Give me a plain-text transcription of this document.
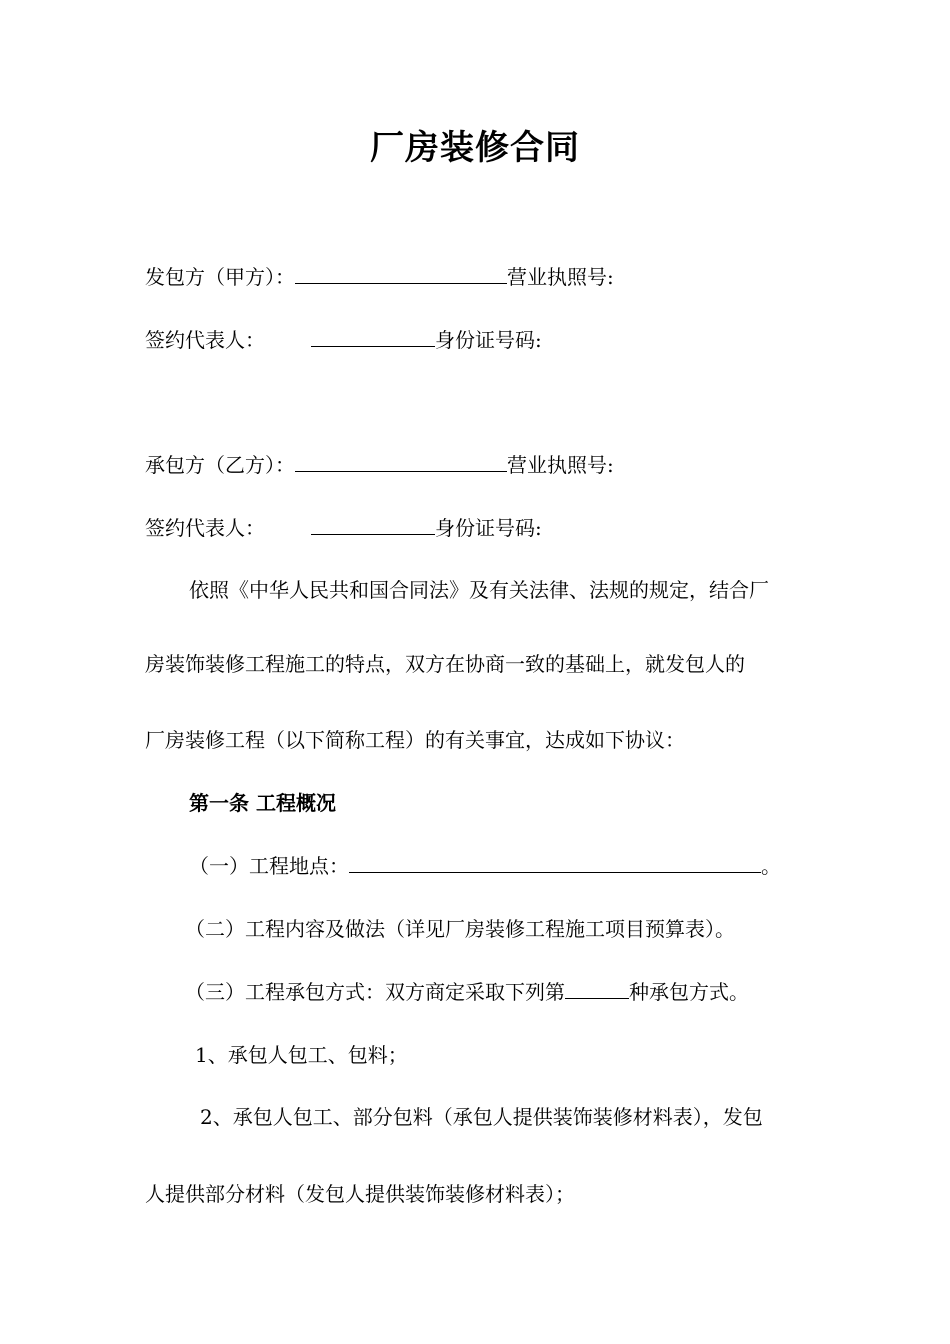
厂房装修合同
发包方（甲方）：	营业执照号:
签约代表人：	身份证号码:
承包方（乙方）：	营业执照号:
签约代表人：	身份证号码:
依照《中华人民共和国合同法》及有关法律、法规的规定，结合厂
房装饰装修工程施工的特点，双方在协商一致的基础上，就发包人的
厂房装修工程（以下简称工程）的有关事宜，达成如下协议：
第一条 工程概况
（一）工程地点：	。
（二）工程内容及做法（详见厂房装修工程施工项目预算表）。
（三）工程承包方式：双方商定采取下列第	种承包方式。
1、承包人包工、包料；
2、承包人包工、部分包料（承包人提供装饰装修材料表），发包
人提供部分材料（发包人提供装饰装修材料表）；
